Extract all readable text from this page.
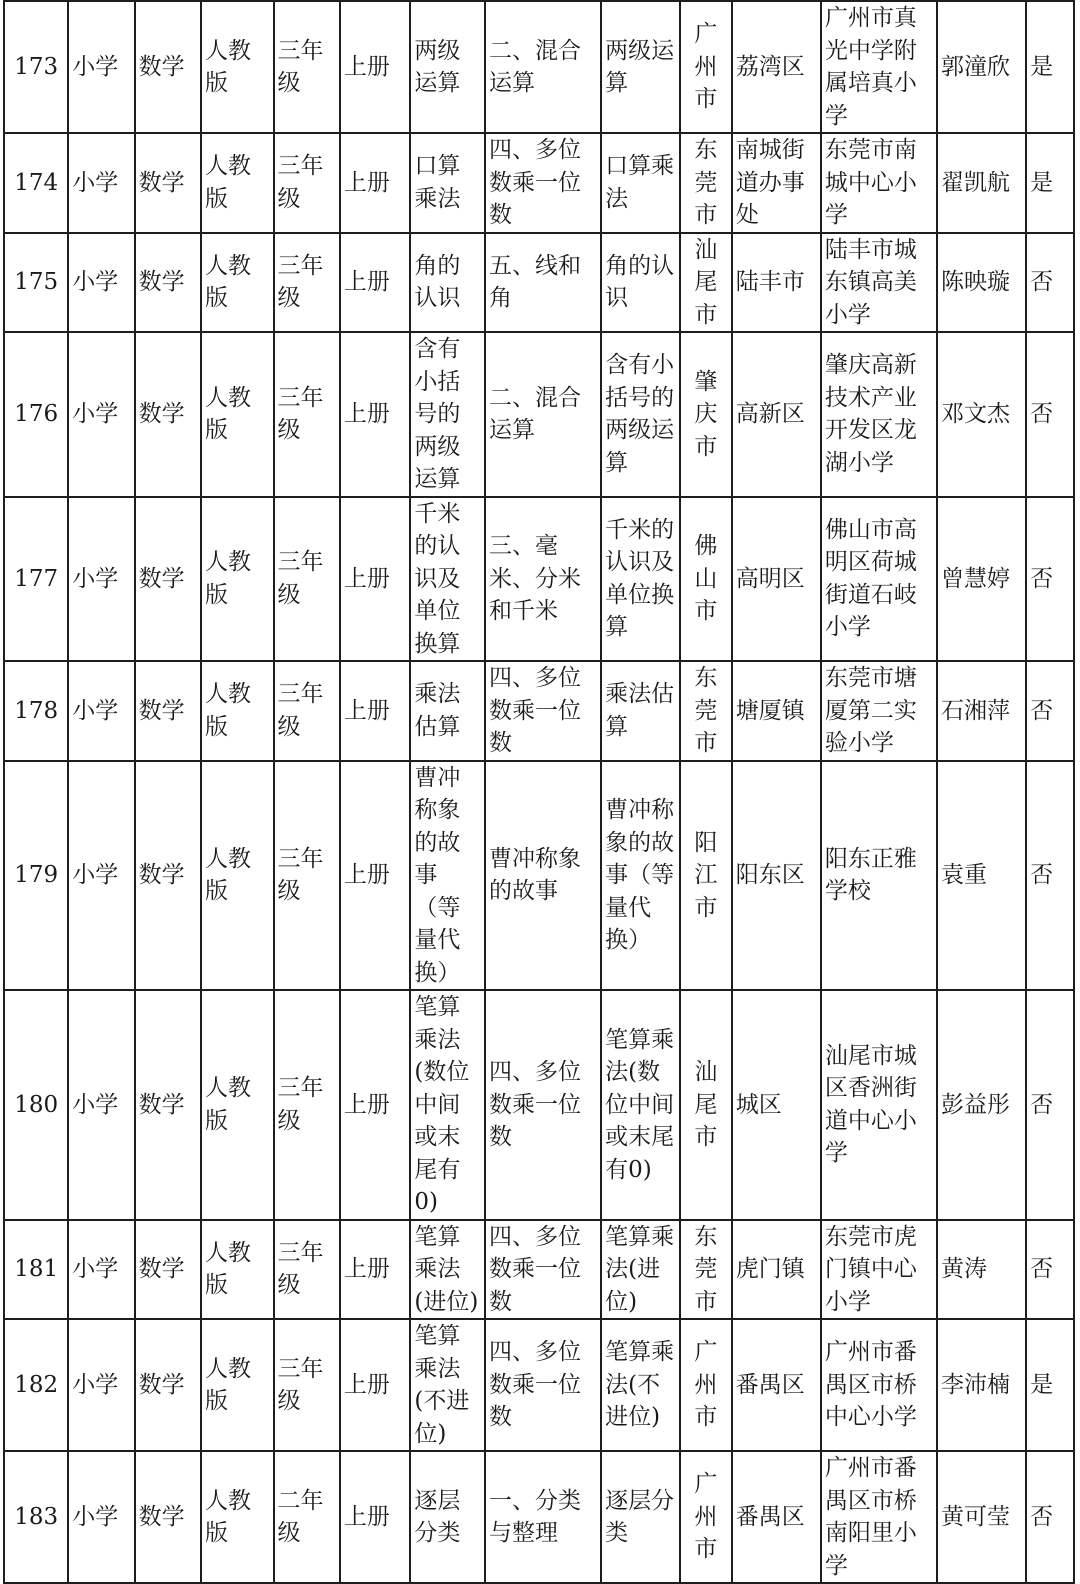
173	小学	数学	人教版	三年级	上册	两级运算	二、混合运算	两级运算	广州市	荔湾区	广州市真光中学附属培真小学	郭潼欣	是
174	小学	数学	人教版	三年级	上册	口算乘法	四、多位数乘一位数	口算乘法	东莞市	南城街道办事处	东莞市南城中心小学	翟凯航	是
175	小学	数学	人教版	三年级	上册	角的认识	五、线和角	角的认识	汕尾市	陆丰市	陆丰市城东镇高美小学	陈映璇	否
176	小学	数学	人教版	三年级	上册	含有小括号的两级运算	二、混合运算	含有小括号的两级运算	肇庆市	高新区	肇庆高新技术产业开发区龙湖小学	邓文杰	否
177	小学	数学	人教版	三年级	上册	千米的认识及单位换算	三、毫米、分米和千米	千米的认识及单位换算	佛山市	高明区	佛山市高明区荷城街道石岐小学	曾慧婷	否
178	小学	数学	人教版	三年级	上册	乘法估算	四、多位数乘一位数	乘法估算	东莞市	塘厦镇	东莞市塘厦第二实验小学	石湘萍	否
179	小学	数学	人教版	三年级	上册	曹冲称象的故事（等量代换）	曹冲称象的故事	曹冲称象的故事（等量代换）	阳江市	阳东区	阳东正雅学校	袁重	否
180	小学	数学	人教版	三年级	上册	笔算乘法(数位中间或末尾有0)	四、多位数乘一位数	笔算乘法(数位中间或末尾有0)	汕尾市	城区	汕尾市城区香洲街道中心小学	彭益彤	否
181	小学	数学	人教版	三年级	上册	笔算乘法(进位)	四、多位数乘一位数	笔算乘法(进位)	东莞市	虎门镇	东莞市虎门镇中心小学	黄涛	否
182	小学	数学	人教版	三年级	上册	笔算乘法(不进位)	四、多位数乘一位数	笔算乘法(不进位)	广州市	番禺区	广州市番禺区市桥中心小学	李沛楠	是
183	小学	数学	人教版	二年级	上册	逐层分类	一、分类与整理	逐层分类	广州市	番禺区	广州市番禺区市桥南阳里小学	黄可莹	否
